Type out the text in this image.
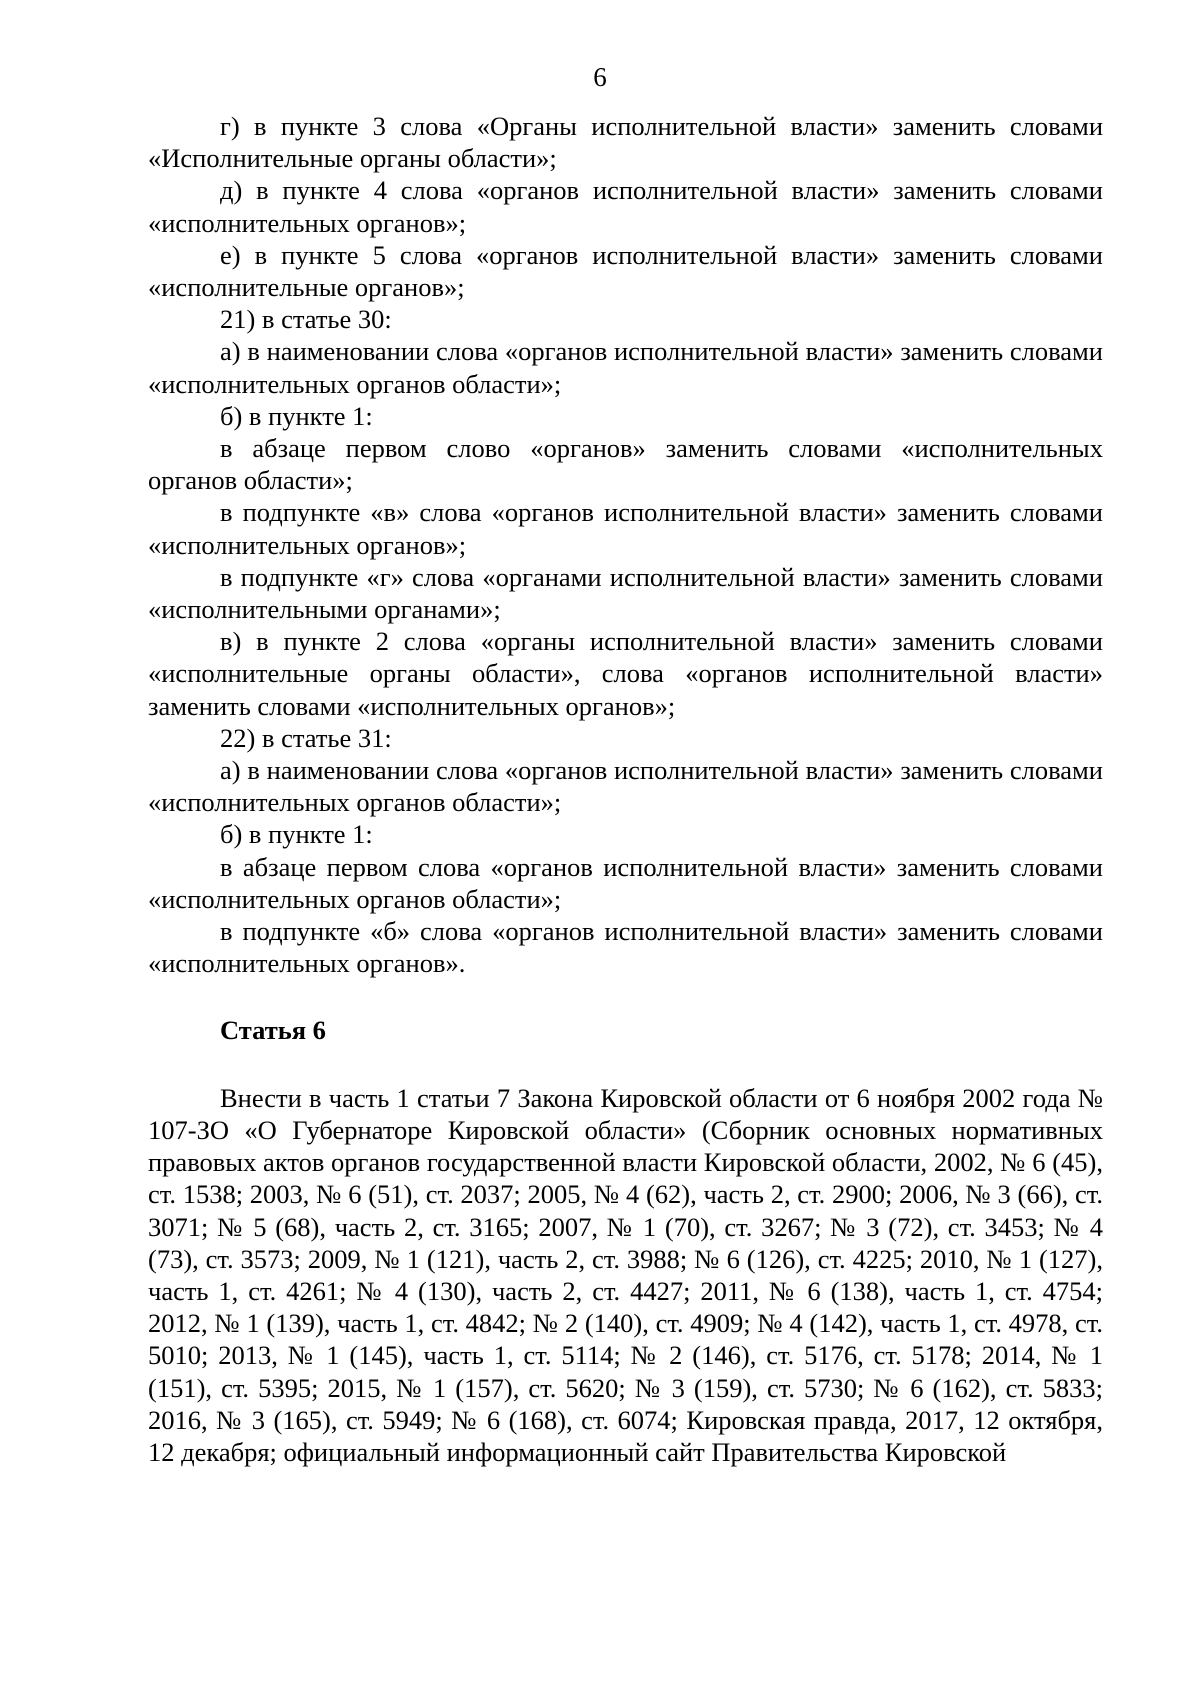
6

г) в пункте 3 слова «Органы исполнительной власти» заменить словами «Исполнительные органы области»;

д) в пункте 4 слова «органов исполнительной власти» заменить словами «исполнительных органов»;

е) в пункте 5 слова «органов исполнительной власти» заменить словами «исполнительные органов»;

21) в статье 30:

а) в наименовании слова «органов исполнительной власти» заменить словами «исполнительных органов области»;

б) в пункте 1:

в абзаце первом слово «органов» заменить словами «исполнительных органов области»;

в подпункте «в» слова «органов исполнительной власти» заменить словами «исполнительных органов»;

в подпункте «г» слова «органами исполнительной власти» заменить словами «исполнительными органами»;

в) в пункте 2 слова «органы исполнительной власти» заменить словами «исполнительные органы области», слова «органов исполнительной власти» заменить словами «исполнительных органов»;

22) в статье 31:

а) в наименовании слова «органов исполнительной власти» заменить словами «исполнительных органов области»;

б) в пункте 1:

в абзаце первом слова «органов исполнительной власти» заменить словами «исполнительных органов области»;

в подпункте «б» слова «органов исполнительной власти» заменить словами «исполнительных органов».

Статья 6

Внести в часть 1 статьи 7 Закона Кировской области от 6 ноября 2002 года № 107-ЗО «О Губернаторе Кировской области» (Сборник основных нормативных правовых актов органов государственной власти Кировской области, 2002, № 6 (45), ст. 1538; 2003, № 6 (51), ст. 2037; 2005, № 4 (62), часть 2, ст. 2900; 2006, № 3 (66), ст. 3071; № 5 (68), часть 2, ст. 3165; 2007, № 1 (70), ст. 3267; № 3 (72), ст. 3453; № 4 (73), ст. 3573; 2009, № 1 (121), часть 2, ст. 3988; № 6 (126), ст. 4225; 2010, № 1 (127), часть 1, ст. 4261; № 4 (130), часть 2, ст. 4427; 2011, № 6 (138), часть 1, ст. 4754; 2012, № 1 (139), часть 1, ст. 4842; № 2 (140), ст. 4909; № 4 (142), часть 1, ст. 4978, ст. 5010; 2013, № 1 (145), часть 1, ст. 5114; № 2 (146), ст. 5176, ст. 5178; 2014, № 1 (151), ст. 5395; 2015, № 1 (157), ст. 5620; № 3 (159), ст. 5730; № 6 (162), ст. 5833; 2016, № 3 (165), ст. 5949; № 6 (168), ст. 6074; Кировская правда, 2017, 12 октября, 12 декабря; официальный информационный сайт Правительства Кировской
